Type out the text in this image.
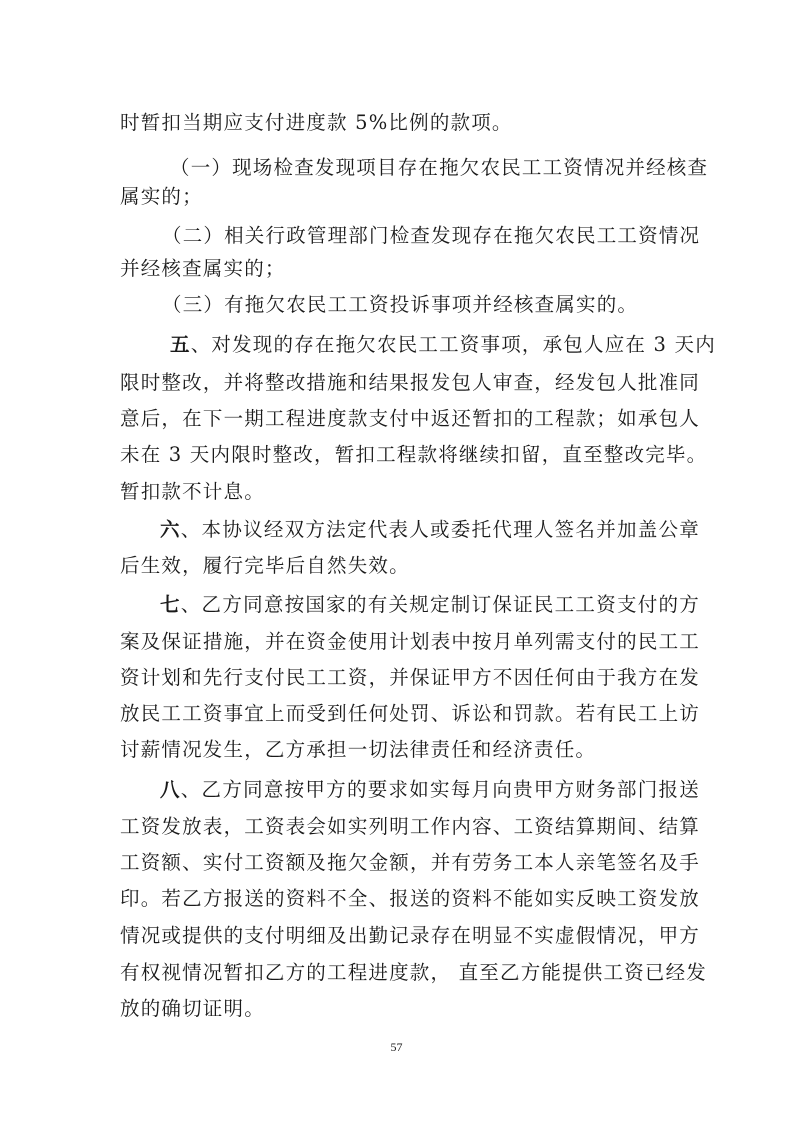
时暂扣当期应支付进度款 5%比例的款项。
（一）现场检查发现项目存在拖欠农民工工资情况并经核查
属实的；
（二）相关行政管理部门检查发现存在拖欠农民工工资情况
并经核查属实的；
（三）有拖欠农民工工资投诉事项并经核查属实的。
五、对发现的存在拖欠农民工工资事项，承包人应在 3 天内
限时整改，并将整改措施和结果报发包人审查，经发包人批准同
意后，在下一期工程进度款支付中返还暂扣的工程款；如承包人
未在 3 天内限时整改，暂扣工程款将继续扣留，直至整改完毕。
暂扣款不计息。
六、本协议经双方法定代表人或委托代理人签名并加盖公章
后生效，履行完毕后自然失效。
七、乙方同意按国家的有关规定制订保证民工工资支付的方
案及保证措施，并在资金使用计划表中按月单列需支付的民工工
资计划和先行支付民工工资，并保证甲方不因任何由于我方在发
放民工工资事宜上而受到任何处罚、诉讼和罚款。若有民工上访
讨薪情况发生，乙方承担一切法律责任和经济责任。
八、乙方同意按甲方的要求如实每月向贵甲方财务部门报送
工资发放表，工资表会如实列明工作内容、工资结算期间、结算
工资额、实付工资额及拖欠金额，并有劳务工本人亲笔签名及手
印。若乙方报送的资料不全、报送的资料不能如实反映工资发放
情况或提供的支付明细及出勤记录存在明显不实虚假情况，甲方
有权视情况暂扣乙方的工程进度款， 直至乙方能提供工资已经发
放的确切证明。
57
